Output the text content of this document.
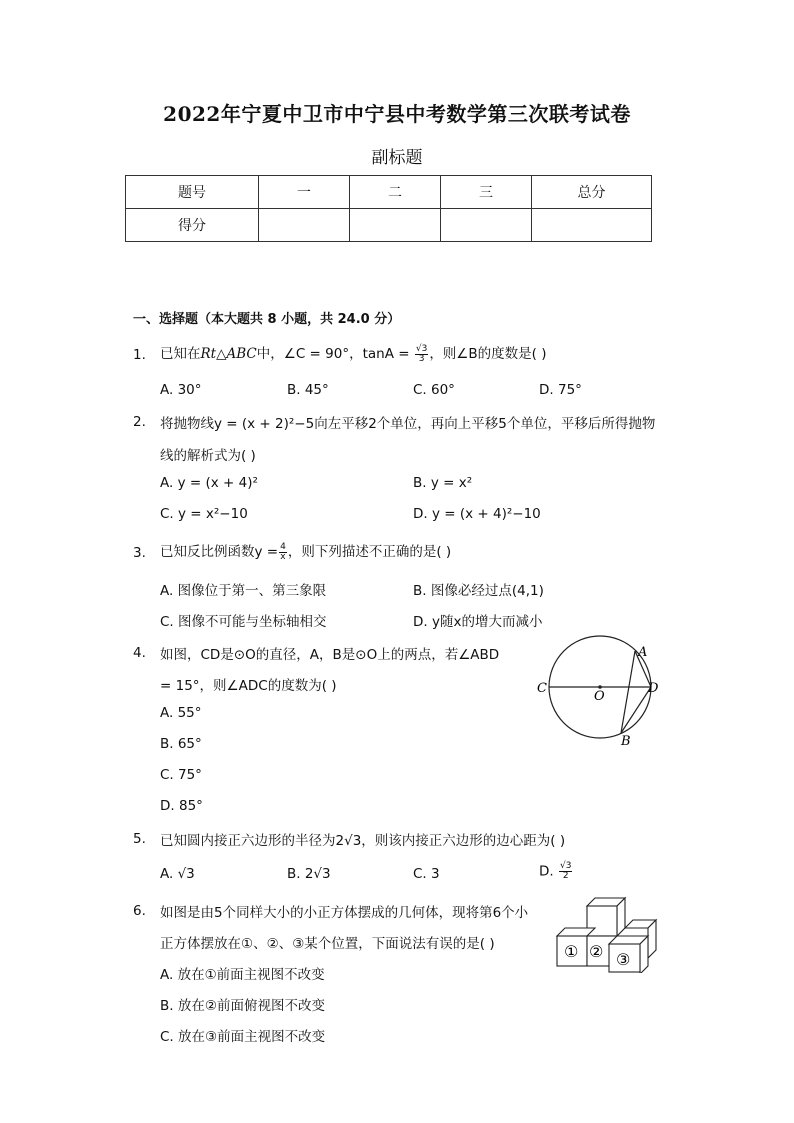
2022年宁夏中卫市中宁县中考数学第三次联考试卷
副标题
题号	一	二	三	总分
得分				
一、选择题（本大题共 8 小题，共 24.0 分）
1. 已知在Rt△ABC中，∠C = 90°，$\tan A = \frac{√3}{3}$ ，则∠B的度数是( )
A. 30°	B. 45°	C. 60°	D. 75°
2. 将抛物线y = (x + 2)²−5向左平移2个单位，再向上平移5个单位，平移后所得抛物
线的解析式为( )
A. y = (x + 4)²	B. y = x²
C. y = x²−10	D. y = (x + 4)²−10
3. 已知反比例函数$y = \frac{4}{x}$ ，则下列描述不正确的是( )
A. 图像位于第一、第三象限	B. 图像必经过点(4,1)
C. 图像不可能与坐标轴相交	D. y随x的增大而减小
4. 如图，CD是⊙O的直径，A，B是⊙O上的两点，若∠ABD
= 15°，则∠ADC的度数为( )
A. 55°
B. 65°
C. 75°
D. 85°
C
A
D
B
O
5. 已知圆内接正六边形的半径为2√3，则该内接正六边形的边心距为( )
A. √3	B. 2√3	C. 3	D. $\frac{√3}{2}$
6. 如图是由5个同样大小的小正方体摆成的几何体，现将第6个小
正方体摆放在①、②、③某个位置，下面说法有误的是( )
A. 放在①前面主视图不改变
B. 放在②前面俯视图不改变
C. 放在③前面主视图不改变
① ② ③
